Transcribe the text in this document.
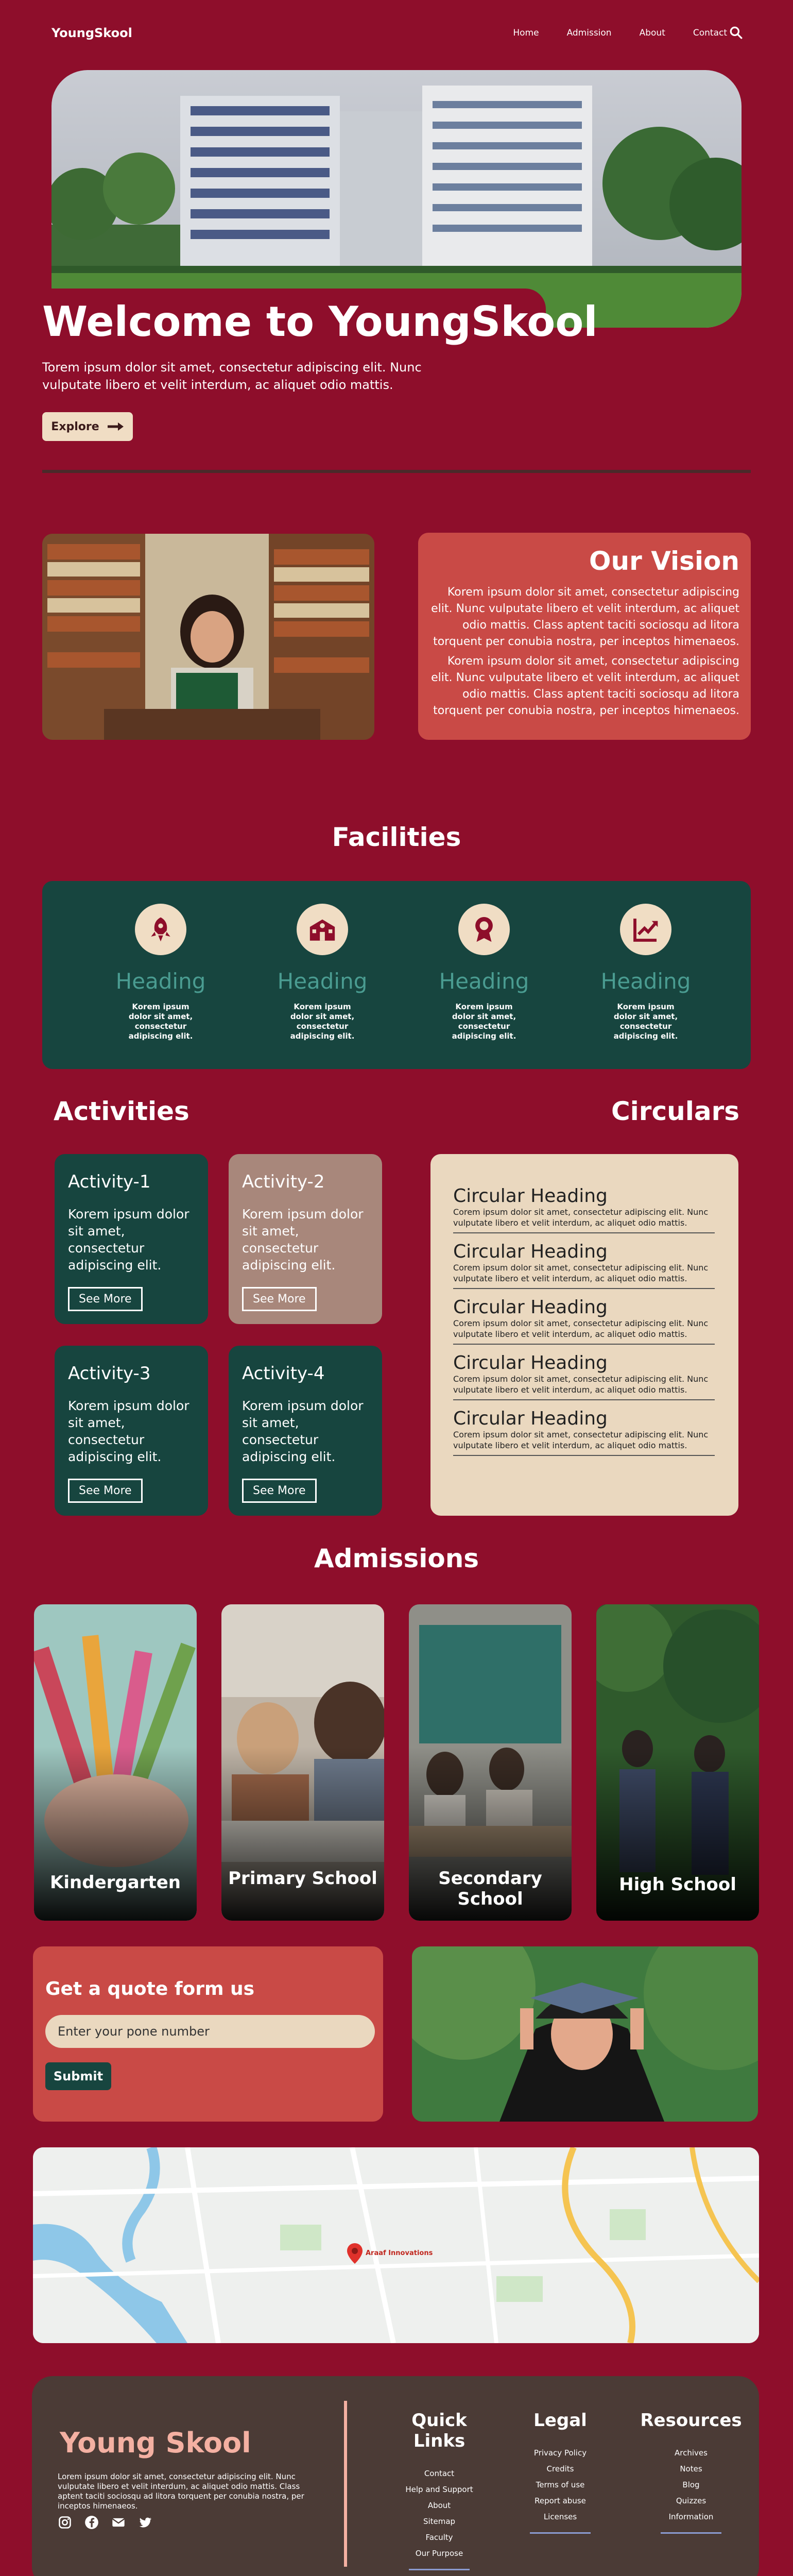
YoungSkool	Home	Admission	About	Contact
Welcome to YoungSkool
Torem ipsum dolor sit amet, consectetur adipiscing elit. Nunc vulputate libero et velit interdum, ac aliquet odio mattis.
Explore
Our Vision

Korem ipsum dolor sit amet, consectetur adipiscing elit. Nunc vulputate libero et velit interdum, ac aliquet odio mattis. Class aptent taciti sociosqu ad litora torquent per conubia nostra, per inceptos himenaeos.

Korem ipsum dolor sit amet, consectetur adipiscing elit. Nunc vulputate libero et velit interdum, ac aliquet odio mattis. Class aptent taciti sociosqu ad litora torquent per conubia nostra, per inceptos himenaeos.

Facilities
Heading
Korem ipsum dolor sit amet, consectetur adipiscing elit.
Heading
Korem ipsum dolor sit amet, consectetur adipiscing elit.
Heading
Korem ipsum dolor sit amet, consectetur adipiscing elit.
Heading
Korem ipsum dolor sit amet, consectetur adipiscing elit.
Activities	Circulars
Activity-1

Korem ipsum dolor sit amet, consectetur adipiscing elit.

See More
Activity-2

Korem ipsum dolor sit amet, consectetur adipiscing elit.

See More
Activity-3

Korem ipsum dolor sit amet, consectetur adipiscing elit.

See More
Activity-4

Korem ipsum dolor sit amet, consectetur adipiscing elit.

See More
Circular Heading

Corem ipsum dolor sit amet, consectetur adipiscing elit. Nunc vulputate libero et velit interdum, ac aliquet odio mattis.

Circular Heading

Corem ipsum dolor sit amet, consectetur adipiscing elit. Nunc vulputate libero et velit interdum, ac aliquet odio mattis.

Circular Heading

Corem ipsum dolor sit amet, consectetur adipiscing elit. Nunc vulputate libero et velit interdum, ac aliquet odio mattis.

Circular Heading

Corem ipsum dolor sit amet, consectetur adipiscing elit. Nunc vulputate libero et velit interdum, ac aliquet odio mattis.

Circular Heading

Corem ipsum dolor sit amet, consectetur adipiscing elit. Nunc vulputate libero et velit interdum, ac aliquet odio mattis.

Admissions
Kindergarten	Primary School	Secondary School
High School
Get a quote form us
Enter your pone number
Submit
Araaf Innovations
Young Skool
Lorem ipsum dolor sit amet, consectetur adipiscing elit. Nunc vulputate libero et velit interdum, ac aliquet odio mattis. Class aptent taciti sociosqu ad litora torquent per conubia nostra, per inceptos himenaeos.
Quick Links
Contact
Help and Support
About
Sitemap
Faculty
Our Purpose
Legal
Privacy Policy
Credits
Terms of use
Report abuse
Licenses
Resources
Archives
Notes
Blog
Quizzes
Information
